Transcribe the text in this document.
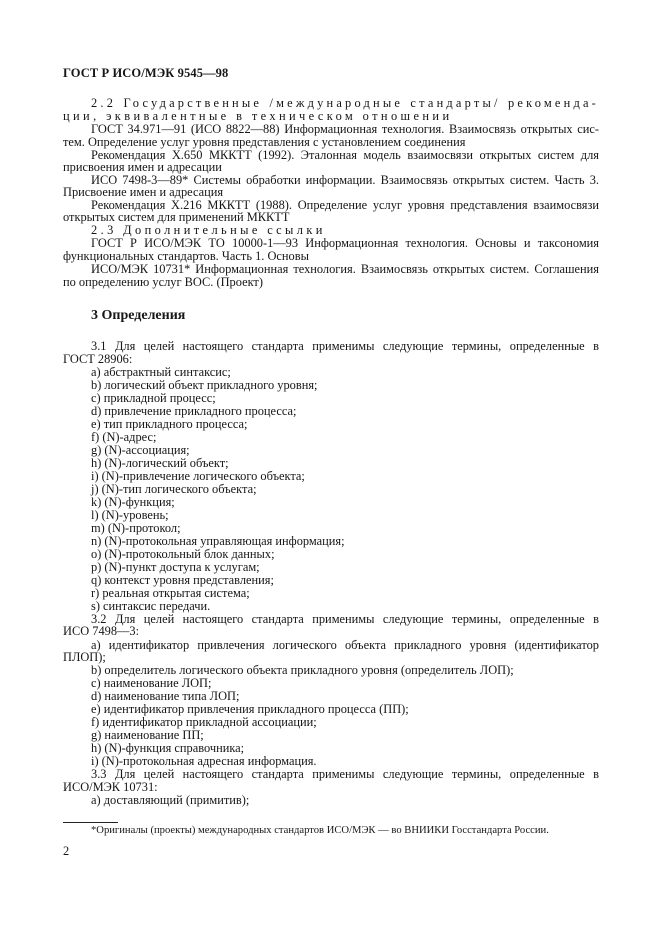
ГОСТ Р ИСО/МЭК 9545—98
2.2 Государственные /международные стандарты/ рекоменда-
ции, эквивалентные в техническом отношении
ГОСТ 34.971—91 (ИСО 8822—88) Информационная технология. Взаимосвязь открытых сис-
тем. Определение услуг уровня представления с установлением соединения
Рекомендация X.650 МККТТ (1992). Эталонная модель взаимосвязи открытых систем для
присвоения имен и адресации
ИСО 7498-3—89* Системы обработки информации. Взаимосвязь открытых систем. Часть 3.
Присвоение имен и адресация
Рекомендация X.216 МККТТ (1988). Определение услуг уровня представления взаимосвязи
открытых систем для применений МККТТ
2.3 Дополнительные ссылки
ГОСТ Р ИСО/МЭК ТО 10000-1—93 Информационная технология. Основы и таксономия
функциональных стандартов. Часть 1. Основы
ИСО/МЭК 10731* Информационная технология. Взаимосвязь открытых систем. Соглашения
по определению услуг ВОС. (Проект)
3 Определения
3.1 Для целей настоящего стандарта применимы следующие термины, определенные в
ГОСТ 28906:
a) абстрактный синтаксис;
b) логический объект прикладного уровня;
c) прикладной процесс;
d) привлечение прикладного процесса;
e) тип прикладного процесса;
f) (N)-адрес;
g) (N)-ассоциация;
h) (N)-логический объект;
i) (N)-привлечение логического объекта;
j) (N)-тип логического объекта;
k) (N)-функция;
l) (N)-уровень;
m) (N)-протокол;
n) (N)-протокольная управляющая информация;
o) (N)-протокольный блок данных;
p) (N)-пункт доступа к услугам;
q) контекст уровня представления;
r) реальная открытая система;
s) синтаксис передачи.
3.2 Для целей настоящего стандарта применимы следующие термины, определенные в
ИСО 7498—3:
a) идентификатор привлечения логического объекта прикладного уровня (идентификатор
ПЛОП);
b) определитель логического объекта прикладного уровня (определитель ЛОП);
c) наименование ЛОП;
d) наименование типа ЛОП;
e) идентификатор привлечения прикладного процесса (ПП);
f) идентификатор прикладной ассоциации;
g) наименование ПП;
h) (N)-функция справочника;
i) (N)-протокольная адресная информация.
3.3 Для целей настоящего стандарта применимы следующие термины, определенные в
ИСО/МЭК 10731:
a) доставляющий (примитив);
*Оригиналы (проекты) международных стандартов ИСО/МЭК — во ВНИИКИ Госстандарта России.
2
